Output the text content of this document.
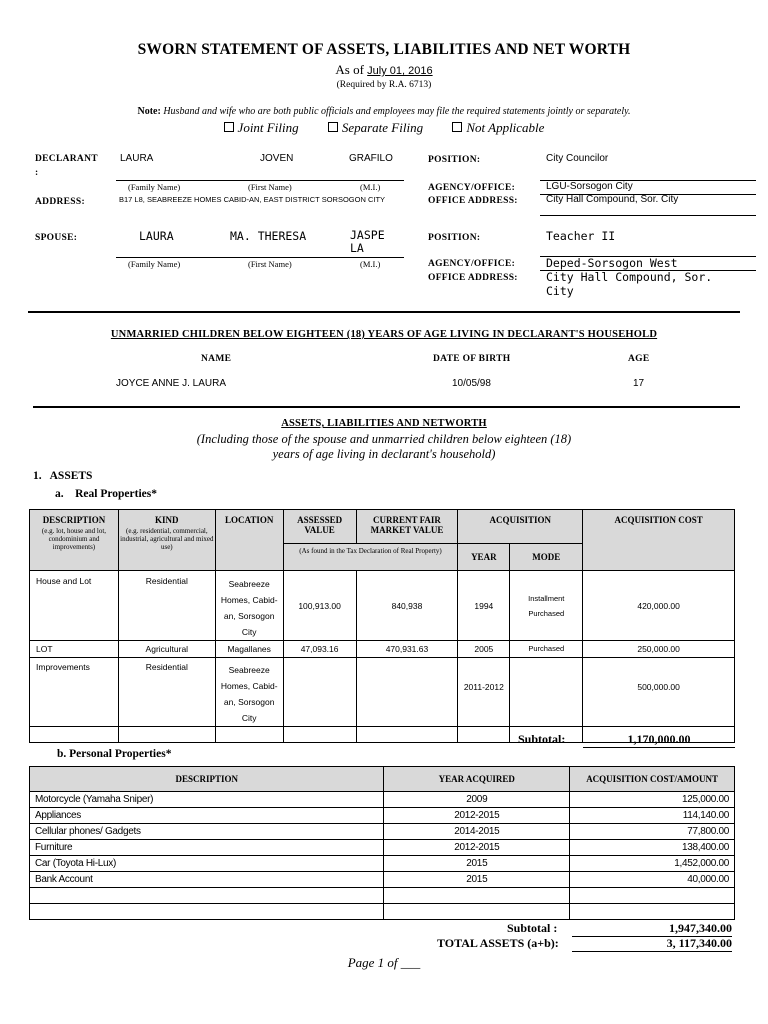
SWORN STATEMENT OF ASSETS, LIABILITIES AND NET WORTH
As of July 01, 2016
(Required by R.A. 6713)
Note: Husband and wife who are both public officials and employees may file the required statements jointly or separately.
Joint Filing	Separate Filing	Not Applicable
DECLARANT
:
LAURA	JOVEN	GRAFILO
(Family Name)	(First Name)	(M.I.)
ADDRESS:	B17 L8, SEABREEZE HOMES CABID-AN, EAST DISTRICT SORSOGON CITY
POSITION:	City Councilor
AGENCY/OFFICE:	LGU-Sorsogon City
OFFICE ADDRESS:	City Hall Compound, Sor. City
SPOUSE:	LAURA	MA. THERESA	JASPE LA
(Family Name)	(First Name)	(M.I.)
POSITION:	Teacher II
AGENCY/OFFICE:	Deped-Sorsogon West
OFFICE ADDRESS: City Hall Compound, Sor. City
UNMARRIED CHILDREN BELOW EIGHTEEN (18) YEARS OF AGE LIVING IN DECLARANT'S HOUSEHOLD
NAME	DATE OF BIRTH	AGE
JOYCE ANNE J. LAURA	10/05/98	17
ASSETS, LIABILITIES AND NETWORTH
(Including those of the spouse and unmarried children below eighteen (18)
years of age living in declarant's household)
1.   ASSETS
a.    Real Properties*
DESCRIPTION
(e.g. lot, house and lot, condominium and improvements)	KIND
(e.g. residential, commercial, industrial, agricultural and mixed use)	LOCATION	ASSESSED VALUE	CURRENT FAIR MARKET VALUE	ACQUISITION		ACQUISITION COST

			(As found in the Tax Declaration of Real Property)		YEAR	MODE	
House and Lot	Residential	Seabreeze Homes, Cabid-an, Sorsogon City	100,913.00	840,938	1994	Installment Purchased	420,000.00
LOT	Agricultural	Magallanes	47,093.16	470,931.63	2005	Purchased	250,000.00
Improvements	Residential	Seabreeze Homes, Cabid-an, Sorsogon City			2011-2012		500,000.00

Subtotal:	1,170,000.00
b. Personal Properties*
DESCRIPTION	YEAR ACQUIRED	ACQUISITION COST/AMOUNT
Motorcycle (Yamaha Sniper)	2009	125,000.00
Appliances	2012-2015	114,140.00
Cellular phones/ Gadgets	2014-2015	77,800.00
Furniture	2012-2015	138,400.00
Car (Toyota Hi-Lux)	2015	1,452,000.00
Bank Account	2015	40,000.00

Subtotal :	1,947,340.00
TOTAL ASSETS (a+b):	3, 117,340.00
Page 1 of ___
